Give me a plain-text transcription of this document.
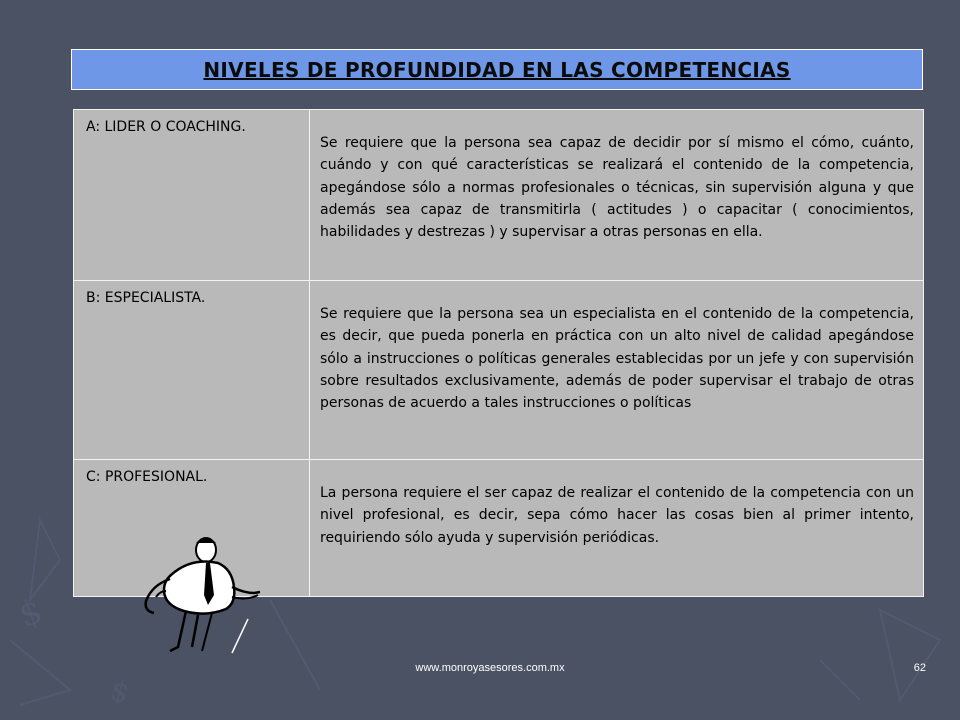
$
$
NIVELES DE PROFUNDIDAD EN LAS COMPETENCIAS
A: LIDER O COACHING.	Se requiere que la persona sea capaz de decidir por sí mismo el cómo, cuánto, cuándo y con qué características se realizará el contenido de la competencia, apegándose sólo a normas profesionales o técnicas, sin supervisión alguna y que además sea capaz de transmitirla ( actitudes ) o capacitar ( conocimientos, habilidades y destrezas ) y supervisar a otras personas en ella.
B: ESPECIALISTA.	Se requiere que la persona sea un especialista en el contenido de la competencia, es decir, que pueda ponerla en práctica con un alto nivel de calidad apegándose sólo a instrucciones o políticas generales establecidas por un jefe y con supervisión sobre resultados exclusivamente, además de poder supervisar el trabajo de otras personas de acuerdo a tales instrucciones o políticas
C: PROFESIONAL.	La persona requiere el ser capaz de realizar el contenido de la competencia con un nivel profesional, es decir, sepa cómo hacer las cosas bien al primer intento, requiriendo sólo ayuda y supervisión periódicas.
www.monroyasesores.com.mx	62
